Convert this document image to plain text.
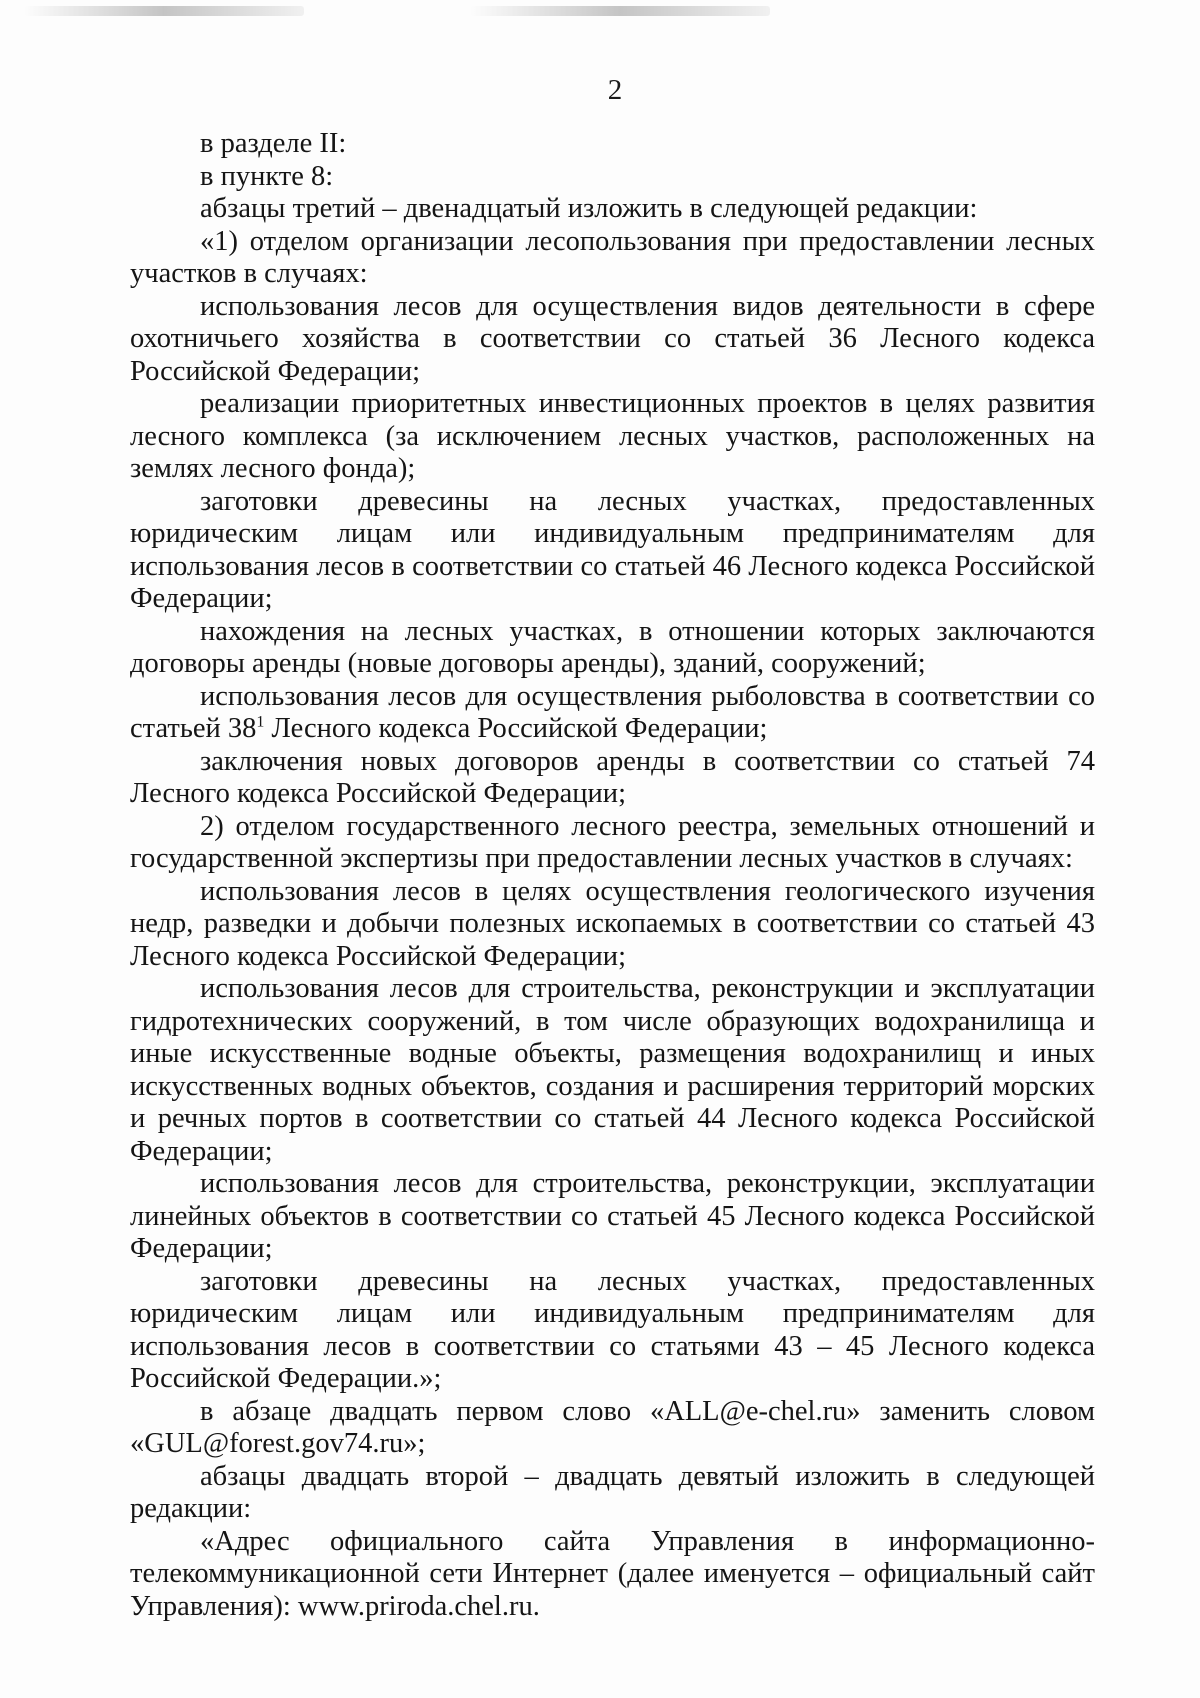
2

в разделе II:

в пункте 8:

абзацы третий – двенадцатый изложить в следующей редакции:

«1) отделом организации лесопользования при предоставлении лесных участков в случаях:

использования лесов для осуществления видов деятельности в сфере охотничьего хозяйства в соответствии со статьей 36 Лесного кодекса Российской Федерации;

реализации приоритетных инвестиционных проектов в целях развития лесного комплекса (за исключением лесных участков, расположенных на землях лесного фонда);

заготовки древесины на лесных участках, предоставленных юридическим лицам или индивидуальным предпринимателям для использования лесов в соответствии со статьей 46 Лесного кодекса Российской Федерации;

нахождения на лесных участках, в отношении которых заключаются договоры аренды (новые договоры аренды), зданий, сооружений;

использования лесов для осуществления рыболовства в соответствии со статьей $38^1$ Лесного кодекса Российской Федерации;

заключения новых договоров аренды в соответствии со статьей 74 Лесного кодекса Российской Федерации;

2) отделом государственного лесного реестра, земельных отношений и государственной экспертизы при предоставлении лесных участков в случаях:

использования лесов в целях осуществления геологического изучения недр, разведки и добычи полезных ископаемых в соответствии со статьей 43 Лесного кодекса Российской Федерации;

использования лесов для строительства, реконструкции и эксплуатации гидротехнических сооружений, в том числе образующих водохранилища и иные искусственные водные объекты, размещения водохранилищ и иных искусственных водных объектов, создания и расширения территорий морских и речных портов в соответствии со статьей 44 Лесного кодекса Российской Федерации;

использования лесов для строительства, реконструкции, эксплуатации линейных объектов в соответствии со статьей 45 Лесного кодекса Российской Федерации;

заготовки древесины на лесных участках, предоставленных юридическим лицам или индивидуальным предпринимателям для использования лесов в соответствии со статьями 43 – 45 Лесного кодекса Российской Федерации.»;

в абзаце двадцать первом слово «ALL@e-chel.ru» заменить словом «GUL@forest.gov74.ru»;

абзацы двадцать второй – двадцать девятый изложить в следующей редакции:

«Адрес официального сайта Управления в информационно-телекоммуникационной сети Интернет (далее именуется – официальный сайт Управления): www.priroda.chel.ru.
